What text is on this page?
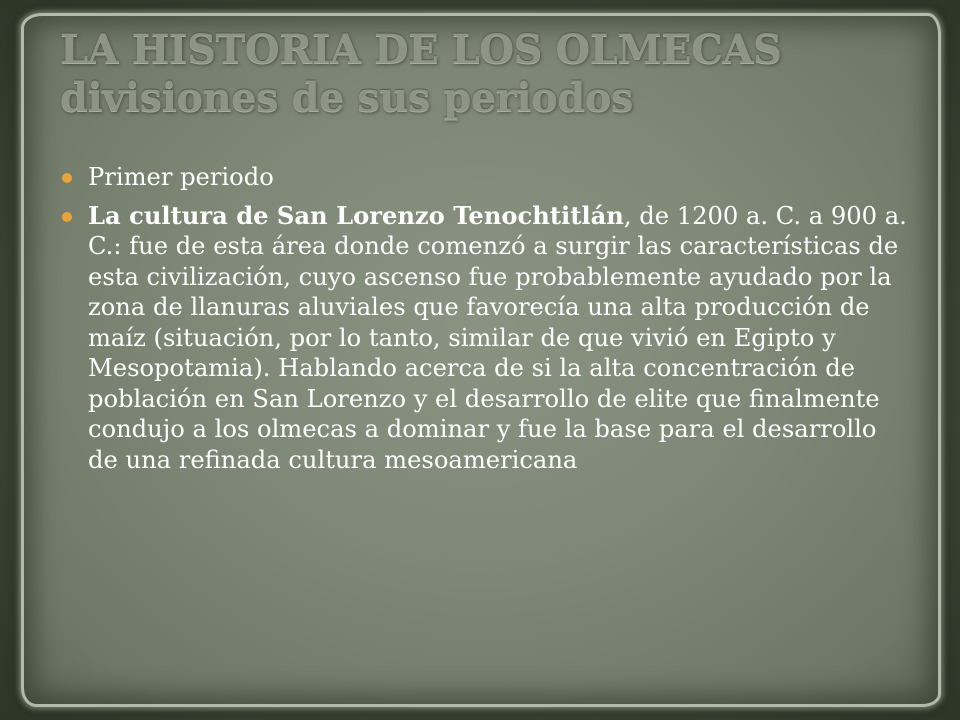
LA HISTORIA DE LOS OLMECAS
divisiones de sus periodos
Primer periodo
La cultura de San Lorenzo Tenochtitlán, de 1200 a. C. a 900 a. C.: fue de esta área donde comenzó a surgir las características de esta civilización, cuyo ascenso fue probablemente ayudado por la zona de llanuras aluviales que favorecía una alta producción de maíz (situación, por lo tanto, similar de que vivió en Egipto y Mesopotamia). Hablando acerca de si la alta concentración de población en San Lorenzo y el desarrollo de elite que finalmente condujo a los olmecas a dominar y fue la base para el desarrollo de una refinada cultura mesoamericana
